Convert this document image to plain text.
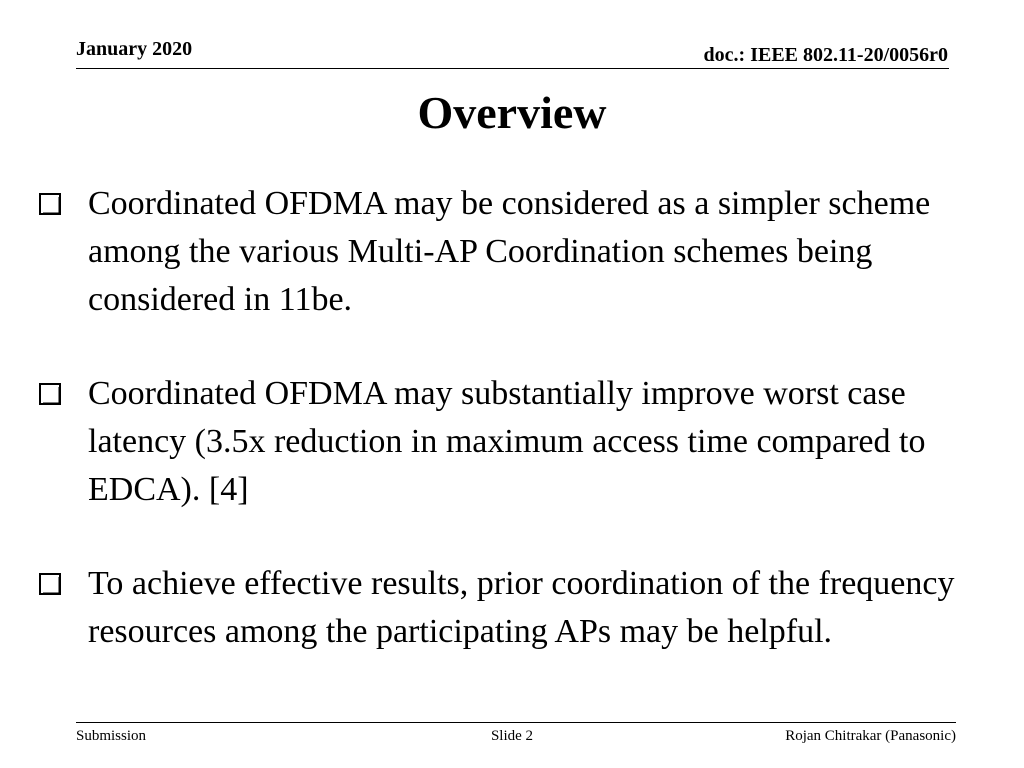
January 2020	doc.: IEEE 802.11-20/0056r0
Overview
Coordinated OFDMA may be considered as a simpler scheme among the various Multi-AP Coordination schemes being considered in 11be.
Coordinated OFDMA may substantially improve worst case latency (3.5x reduction in maximum access time compared to EDCA). [4]
To achieve effective results, prior coordination of the frequency resources among the participating APs may be helpful.
Submission	Slide 2	Rojan Chitrakar (Panasonic)
